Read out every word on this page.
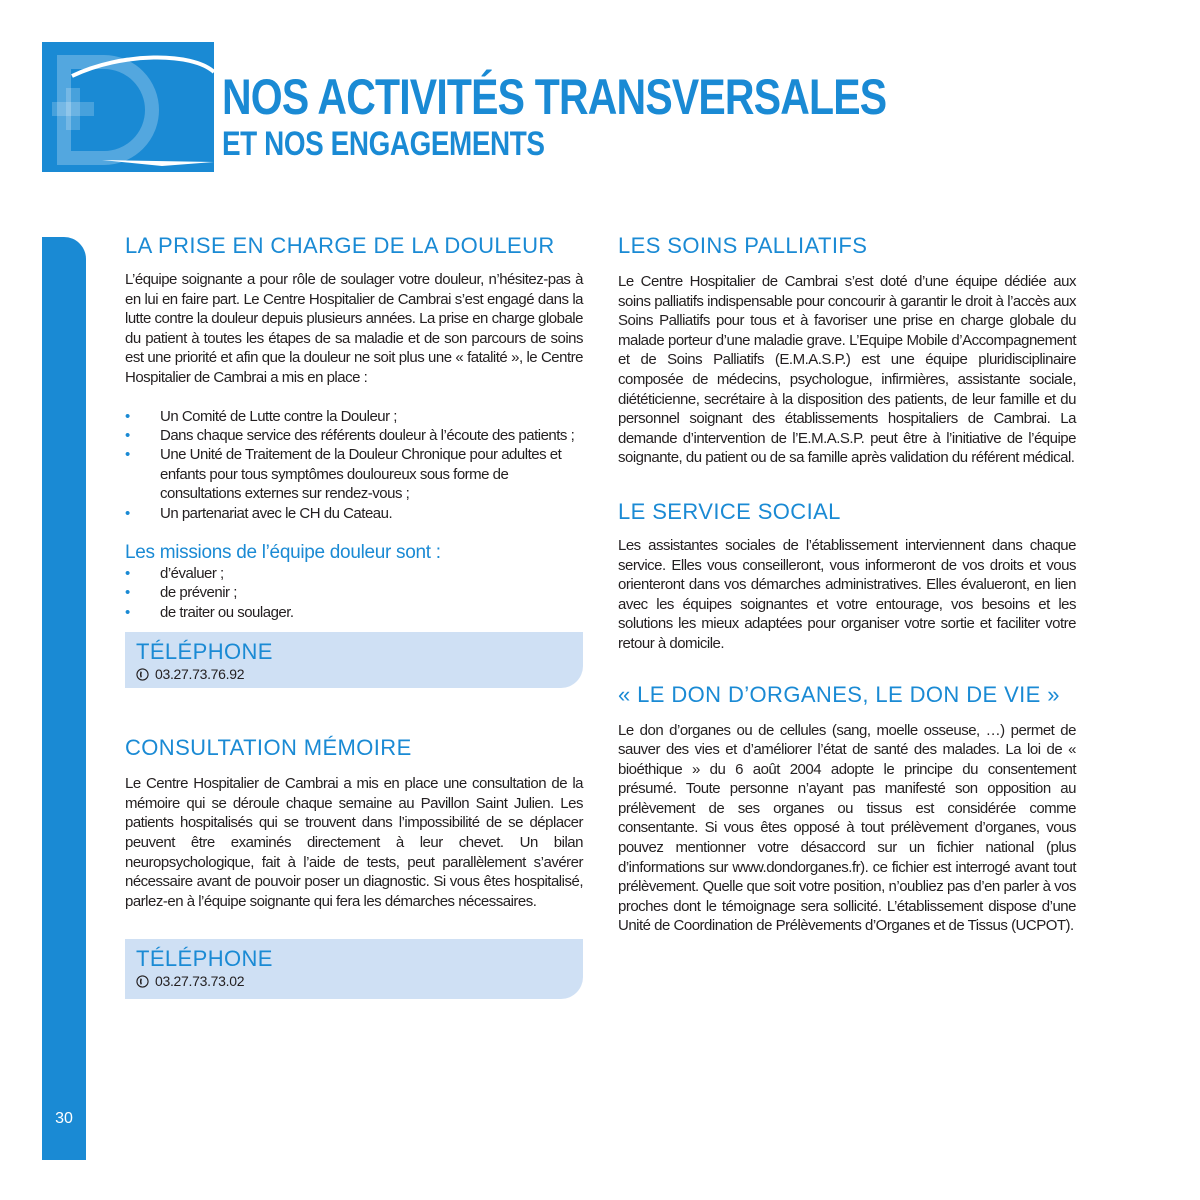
NOS ACTIVITÉS TRANSVERSALES
ET NOS ENGAGEMENTS
30
LA PRISE EN CHARGE DE LA DOULEUR

L’équipe soignante a pour rôle de soulager votre douleur, n’hésitez-pas à en lui en faire part. Le Centre Hospitalier de Cambrai s’est engagé dans la lutte contre la douleur depuis plusieurs années. La prise en charge globale du patient à toutes les étapes de sa maladie et de son parcours de soins est une priorité et afin que la douleur ne soit plus une « fatalité », le Centre Hospitalier de Cambrai a mis en place :

• Un Comité de Lutte contre la Douleur ;
• Dans chaque service des référents douleur à l’écoute des patients ;
• Une Unité de Traitement de la Douleur Chronique pour adultes et enfants pour tous symptômes douloureux sous forme de consultations externes sur rendez-vous ;
• Un partenariat avec le CH du Cateau.
Les missions de l’équipe douleur sont :
• d’évaluer ;
• de prévenir ;
• de traiter ou soulager.
TÉLÉPHONE
03.27.73.76.92
CONSULTATION MÉMOIRE

Le Centre Hospitalier de Cambrai a mis en place une consultation de la mémoire qui se déroule chaque semaine au Pavillon Saint Julien. Les patients hospitalisés qui se trouvent dans l’impossibilité de se déplacer peuvent être examinés directement à leur chevet. Un bilan neuropsychologique, fait à l’aide de tests, peut parallèlement s’avérer nécessaire avant de pouvoir poser un diagnostic. Si vous êtes hospitalisé, parlez-en à l’équipe soignante qui fera les démarches nécessaires.

TÉLÉPHONE
03.27.73.73.02
LES SOINS PALLIATIFS

Le Centre Hospitalier de Cambrai s’est doté d’une équipe dédiée aux soins palliatifs indispensable pour concourir à garantir le droit à l’accès aux Soins Palliatifs pour tous et à favoriser une prise en charge globale du malade porteur d’une maladie grave. L’Equipe Mobile d’Accompagnement et de Soins Palliatifs (E.M.A.S.P.) est une équipe pluridisciplinaire composée de médecins, psychologue, infirmières, assistante sociale, diététicienne, secrétaire à la disposition des patients, de leur famille et du personnel soignant des établissements hospitaliers de Cambrai. La demande d’intervention de l’E.M.A.S.P. peut être à l’initiative de l’équipe soignante, du patient ou de sa famille après validation du référent médical.

LE SERVICE SOCIAL

Les assistantes sociales de l’établissement interviennent dans chaque service. Elles vous conseilleront, vous informeront de vos droits et vous orienteront dans vos démarches administratives. Elles évalueront, en lien avec les équipes soignantes et votre entourage, vos besoins et les solutions les mieux adaptées pour organiser votre sortie et faciliter votre retour à domicile.

« LE DON D’ORGANES, LE DON DE VIE »

Le don d’organes ou de cellules (sang, moelle osseuse, …) permet de sauver des vies et d’améliorer l’état de santé des malades. La loi de « bioéthique » du 6 août 2004 adopte le principe du consentement présumé. Toute personne n’ayant pas manifesté son opposition au prélèvement de ses organes ou tissus est considérée comme consentante. Si vous êtes opposé à tout prélèvement d’organes, vous pouvez mentionner votre désaccord sur un fichier national (plus d’informations sur www.dondorganes.fr). ce fichier est interrogé avant tout prélèvement. Quelle que soit votre position, n’oubliez pas d’en parler à vos proches dont le témoignage sera sollicité. L’établissement dispose d’une Unité de Coordination de Prélèvements d’Organes et de Tissus (UCPOT).
